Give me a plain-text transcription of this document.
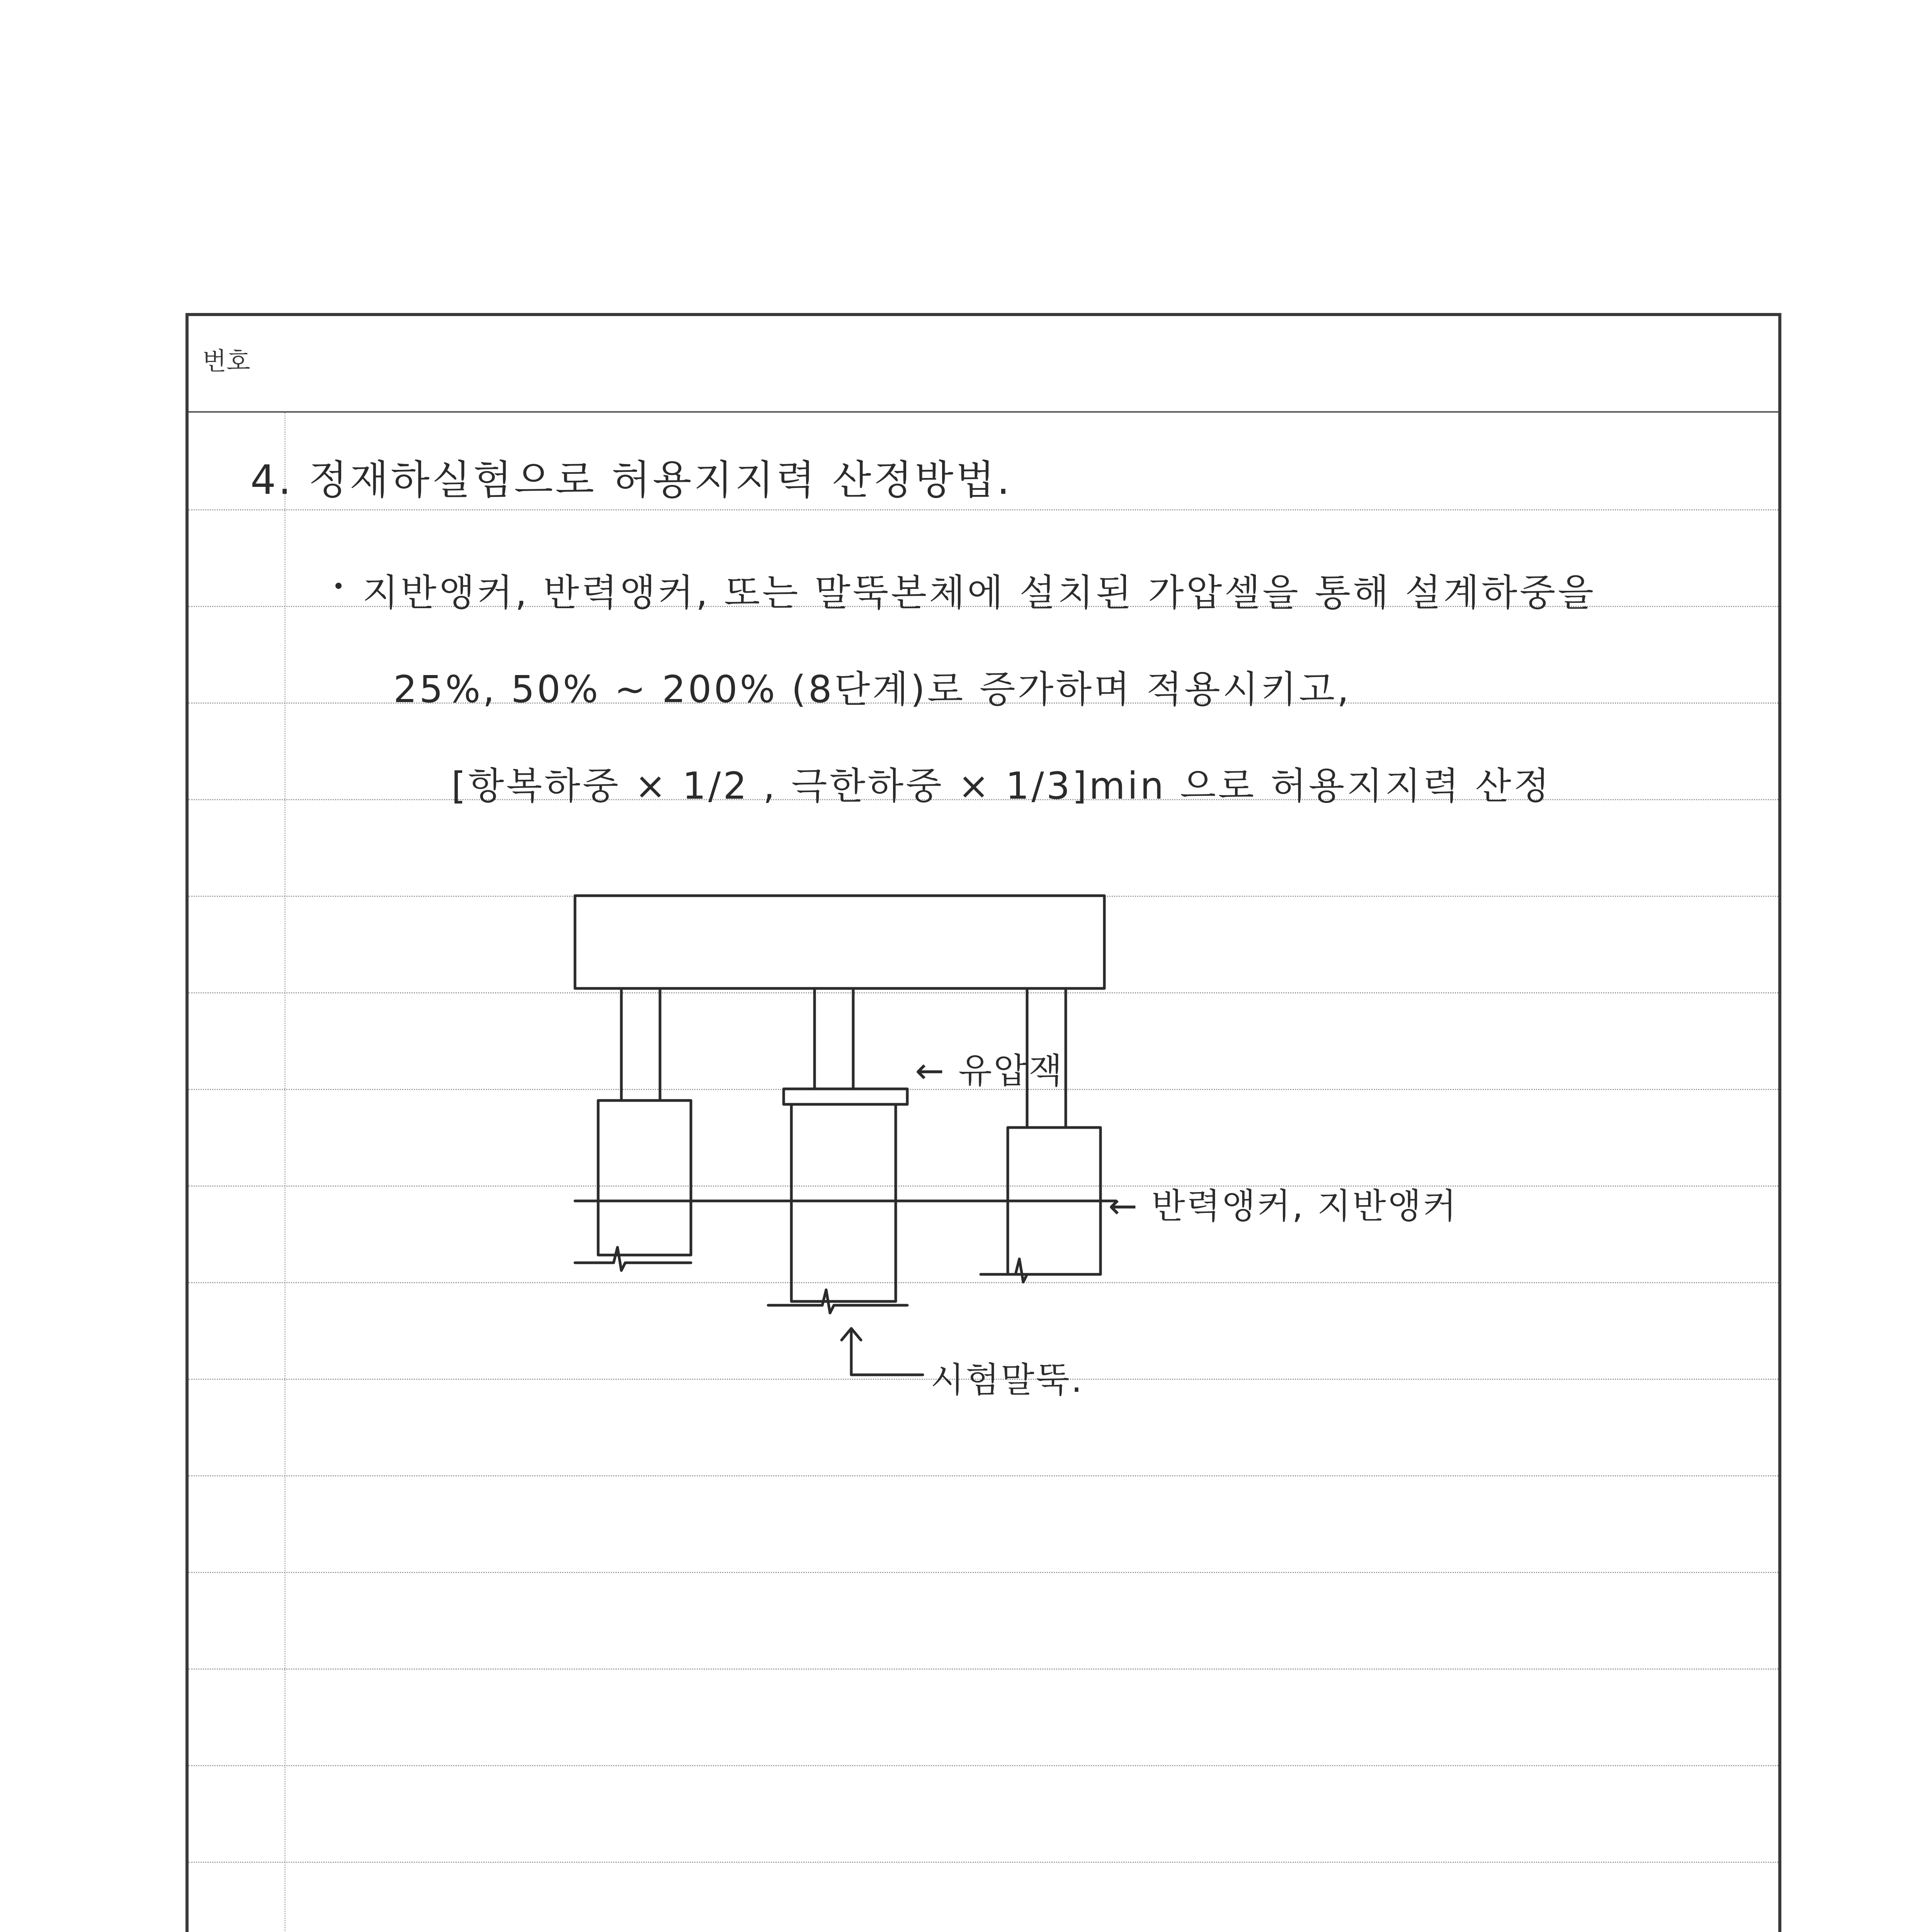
번호
4. 정재하실험으로 허용지지력 산정방법.
지반앵커, 반력앵커, 또는 말뚝본체에 설치된 가압셀을 통해 설계하중을
25%, 50% ~ 200% (8단계)로 증가하며 적용시키고,
[항복하중 × 1/2 , 극한하중 × 1/3]min 으로 허용지지력 산정
← 유압잭
← 반력앵커, 지반앵커
시험말뚝.
